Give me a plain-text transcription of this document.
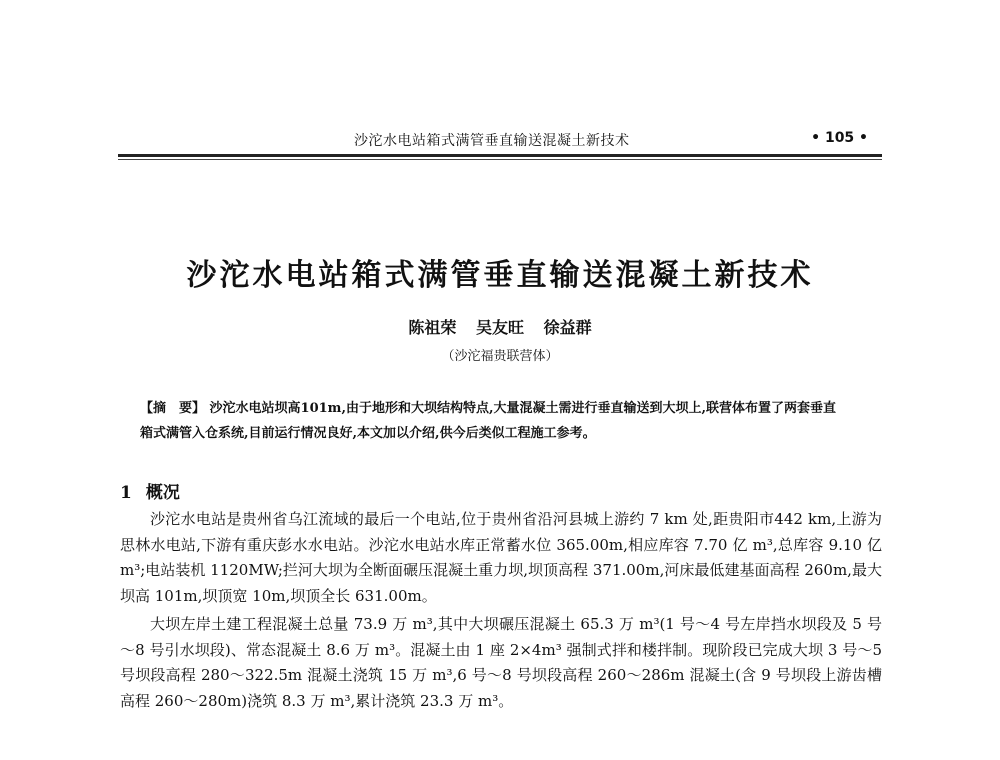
沙沱水电站箱式满管垂直输送混凝土新技术	• 105 •
沙沱水电站箱式满管垂直输送混凝土新技术
陈祖荣 吴友旺 徐益群
（沙沱福贵联营体）
【摘　要】 沙沱水电站坝高101m,由于地形和大坝结构特点,大量混凝土需进行垂直输送到大坝上,联营体布置了两套垂直箱式满管入仓系统,目前运行情况良好,本文加以介绍,供今后类似工程施工参考。
1 概况
沙沱水电站是贵州省乌江流域的最后一个电站,位于贵州省沿河县城上游约 7 km 处,距贵阳市442 km,上游为思林水电站,下游有重庆彭水水电站。沙沱水电站水库正常蓄水位 365.00m,相应库容 7.70 亿 m³,总库容 9.10 亿 m³;电站装机 1120MW;拦河大坝为全断面碾压混凝土重力坝,坝顶高程 371.00m,河床最低建基面高程 260m,最大坝高 101m,坝顶宽 10m,坝顶全长 631.00m。
大坝左岸土建工程混凝土总量 73.9 万 m³,其中大坝碾压混凝土 65.3 万 m³(1 号～4 号左岸挡水坝段及 5 号～8 号引水坝段)、常态混凝土 8.6 万 m³。混凝土由 1 座 2×4m³ 强制式拌和楼拌制。现阶段已完成大坝 3 号～5 号坝段高程 280～322.5m 混凝土浇筑 15 万 m³,6 号～8 号坝段高程 260～286m 混凝土(含 9 号坝段上游齿槽高程 260～280m)浇筑 8.3 万 m³,累计浇筑 23.3 万 m³。
